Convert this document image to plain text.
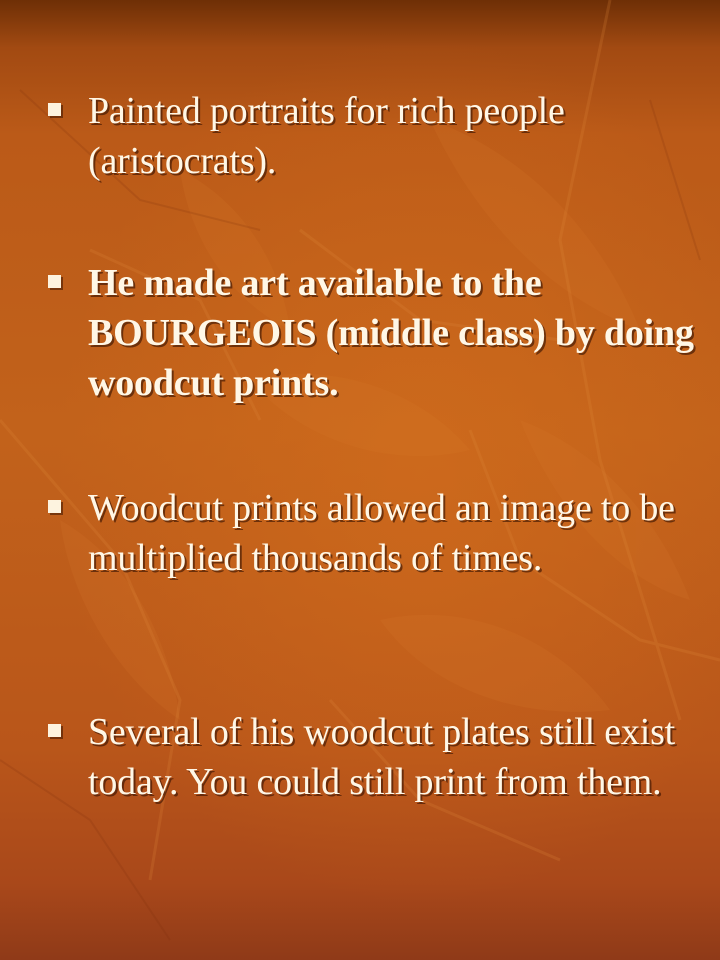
Painted portraits for rich people (aristocrats).
He made art available to the BOURGEOIS (middle class) by doing woodcut prints.
Woodcut prints allowed an image to be multiplied thousands of times.
Several of his woodcut plates still exist today. You could still print from them.
